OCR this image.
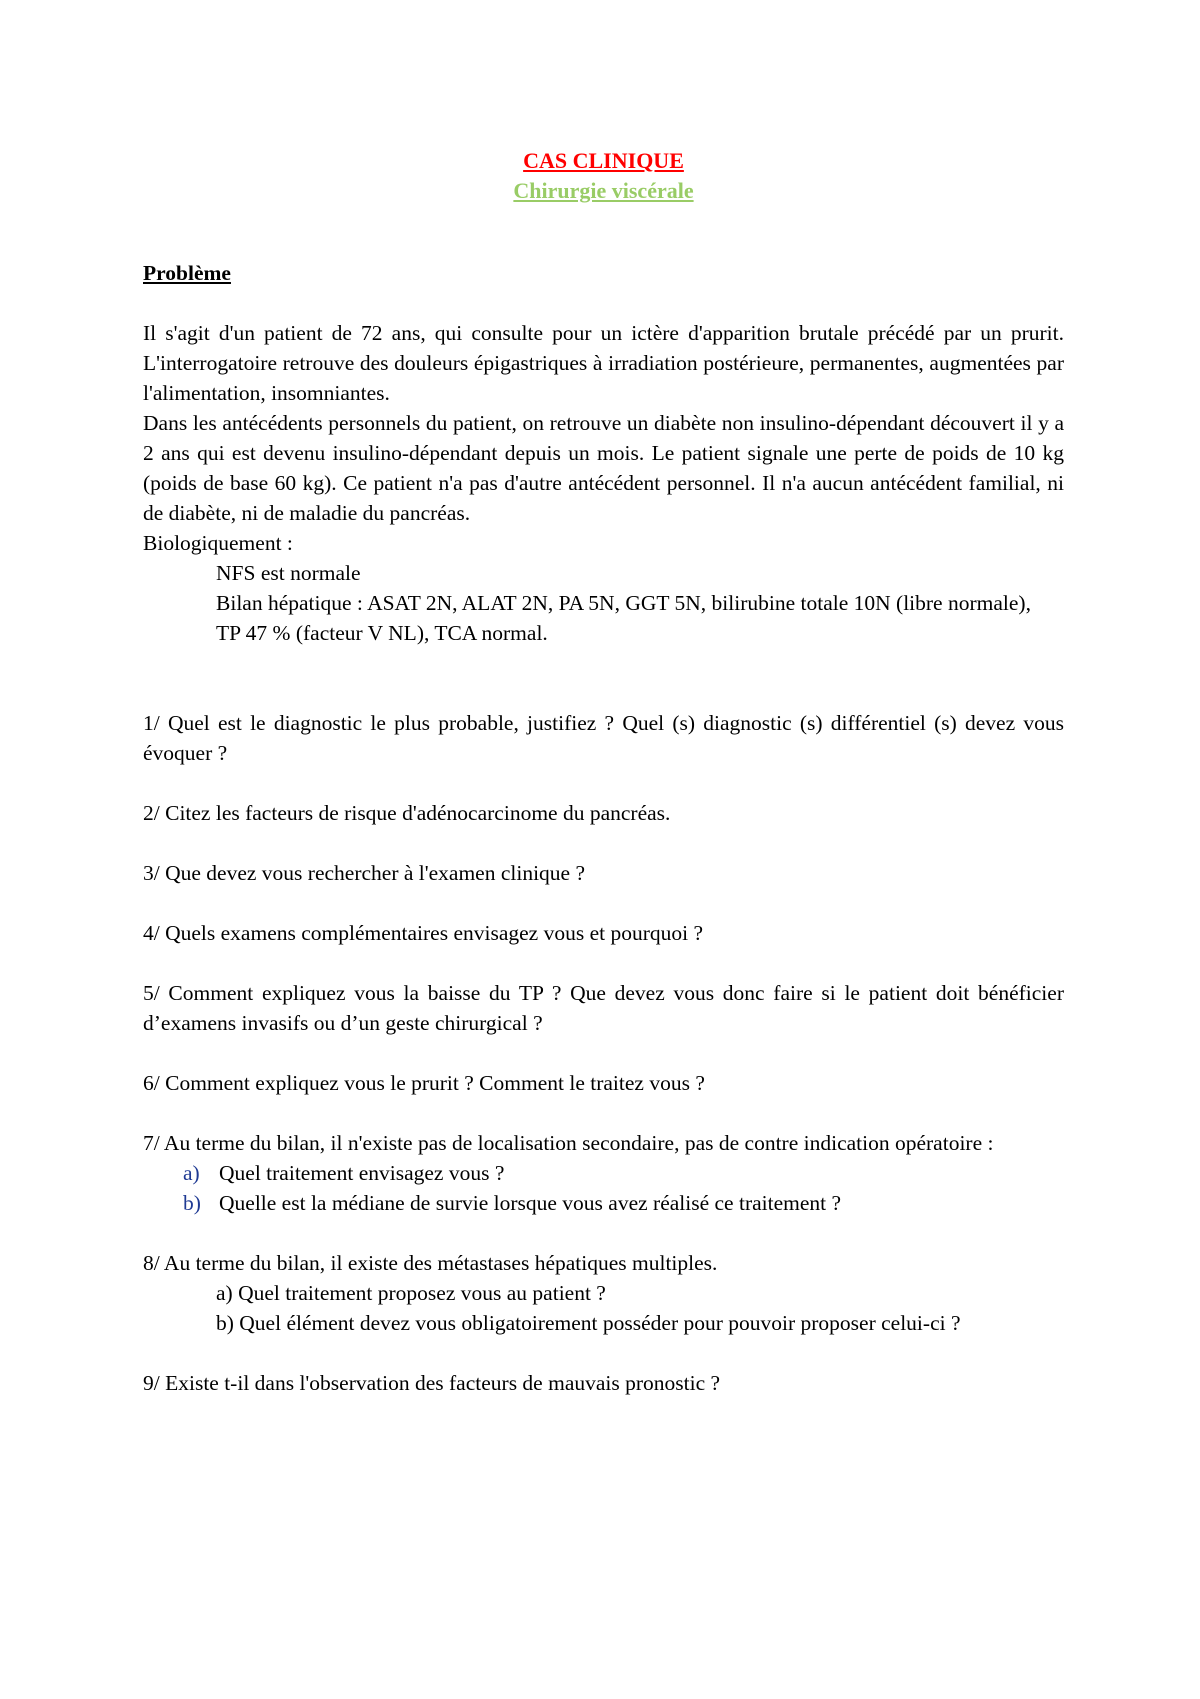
CAS CLINIQUE
Chirurgie viscérale
Problème
Il s'agit d'un patient de 72 ans, qui consulte pour un ictère d'apparition brutale précédé par un prurit. L'interrogatoire retrouve des douleurs épigastriques à irradiation postérieure, permanentes, augmentées par l'alimentation, insomniantes.
Dans les antécédents personnels du patient, on retrouve un diabète non insulino-dépendant découvert il y a 2 ans qui est devenu insulino-dépendant depuis un mois. Le patient signale une perte de poids de 10 kg (poids de base 60 kg). Ce patient n'a pas d'autre antécédent personnel. Il n'a aucun antécédent familial, ni de diabète, ni de maladie du pancréas.
Biologiquement :
NFS est normale
Bilan hépatique : ASAT 2N, ALAT 2N, PA 5N, GGT 5N, bilirubine totale 10N (libre normale),
TP 47 % (facteur V NL), TCA normal.
1/ Quel est le diagnostic le plus probable, justifiez ? Quel (s) diagnostic (s) différentiel (s) devez vous évoquer ?
2/ Citez les facteurs de risque d'adénocarcinome du pancréas.
3/ Que devez vous rechercher à l'examen clinique ?
4/ Quels examens complémentaires envisagez vous et pourquoi ?
5/ Comment expliquez vous la baisse du TP ? Que devez vous donc faire si le patient doit bénéficier d’examens invasifs ou d’un geste chirurgical ?
6/ Comment expliquez vous le prurit ? Comment le traitez vous ?
7/ Au terme du bilan, il n'existe pas de localisation secondaire, pas de contre indication opératoire :
a) Quel traitement envisagez vous ?
b) Quelle est la médiane de survie lorsque vous avez réalisé ce traitement ?
8/ Au terme du bilan, il existe des métastases hépatiques multiples.
a) Quel traitement proposez vous au patient ?
b) Quel élément devez vous obligatoirement posséder pour pouvoir proposer celui-ci ?
9/ Existe t-il dans l'observation des facteurs de mauvais pronostic ?
